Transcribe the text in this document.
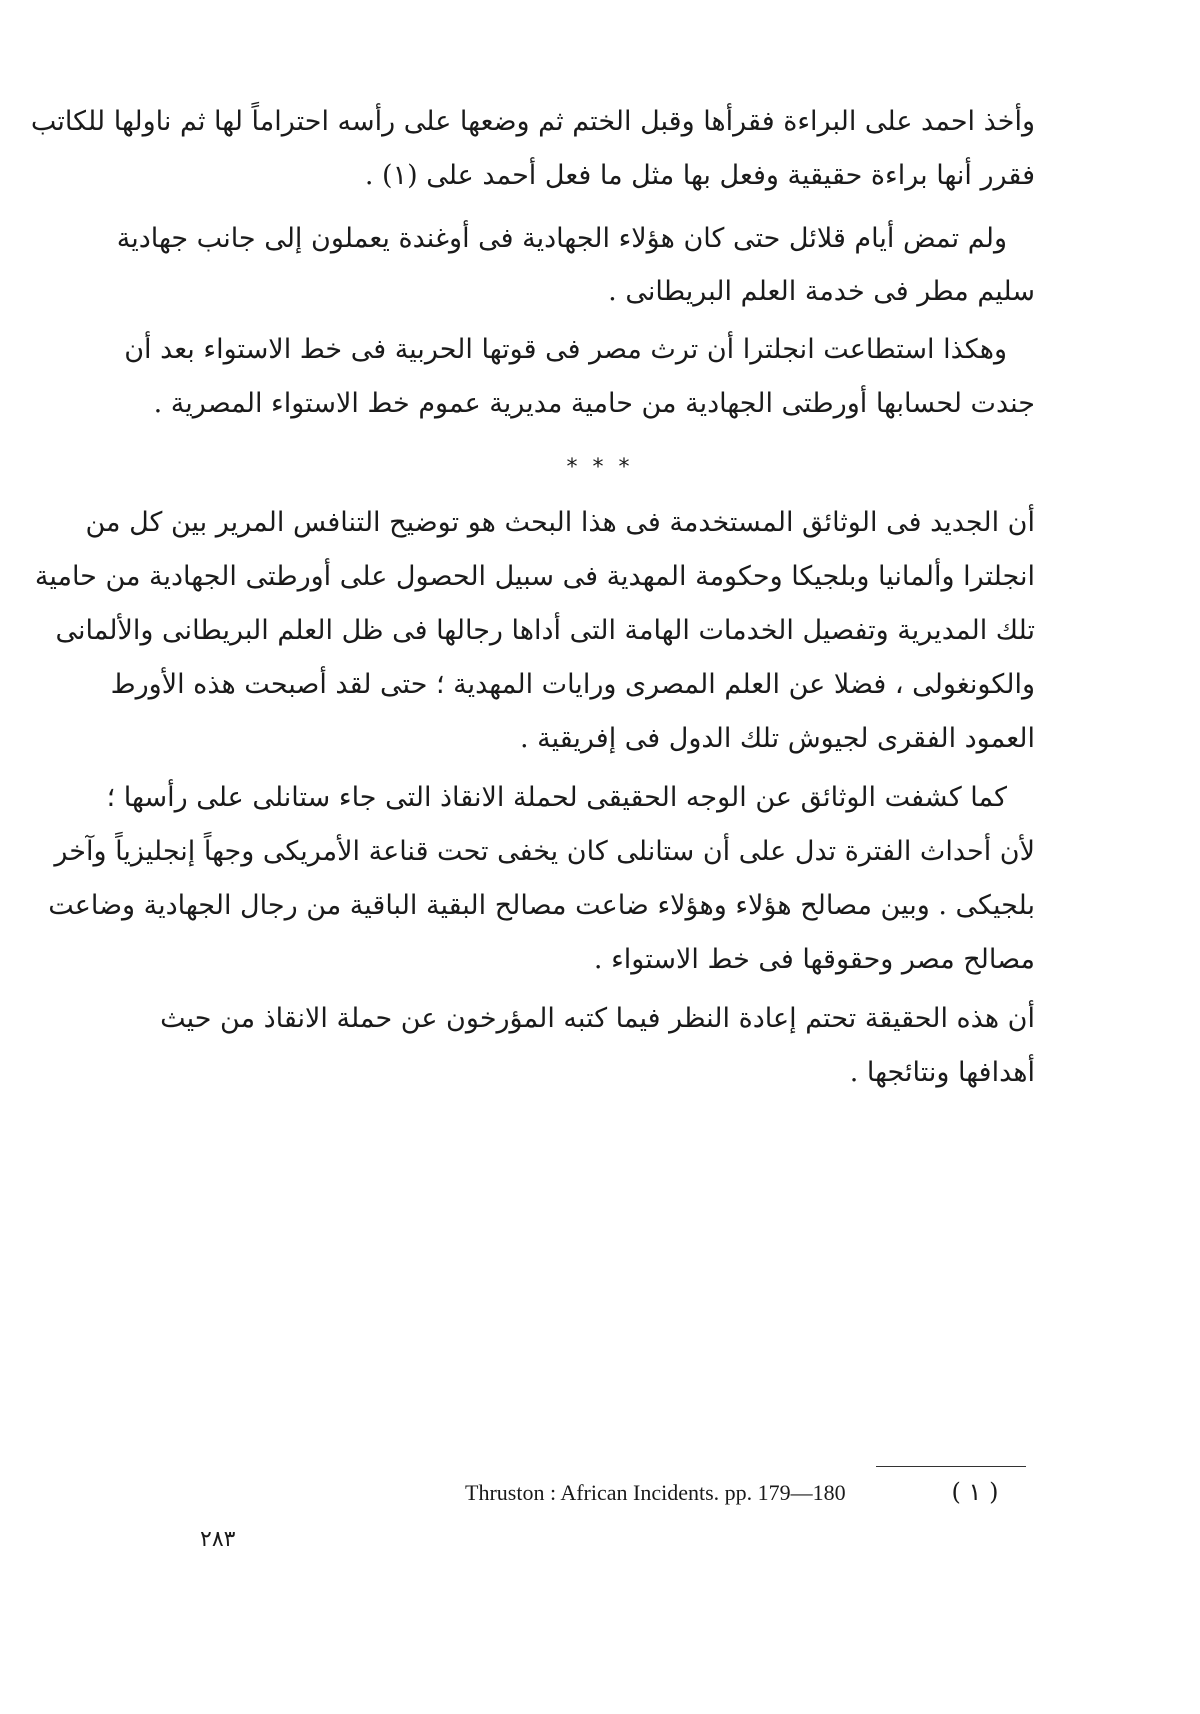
وأخذ احمد على البراءة فقرأها وقبل الختم ثم وضعها على رأسه احتراماً لها ثم ناولها للكاتب
فقرر أنها براءة حقيقية وفعل بها مثل ما فعل أحمد على (١) .
ولم تمض أيام قلائل حتى كان هؤلاء الجهادية فى أوغندة يعملون إلى جانب جهادية
سليم مطر فى خدمة العلم البريطانى .
وهكذا استطاعت انجلترا أن ترث مصر فى قوتها الحربية فى خط الاستواء بعد أن
جندت لحسابها أورطتى الجهادية من حامية مديرية عموم خط الاستواء المصرية .
* * *
أن الجديد فى الوثائق المستخدمة فى هذا البحث هو توضيح التنافس المرير بين كل من
انجلترا وألمانيا وبلجيكا وحكومة المهدية فى سبيل الحصول على أورطتى الجهادية من حامية
تلك المديرية وتفصيل الخدمات الهامة التى أداها رجالها فى ظل العلم البريطانى والألمانى
والكونغولى ، فضلا عن العلم المصرى ورايات المهدية ؛ حتى لقد أصبحت هذه الأورط
العمود الفقرى لجيوش تلك الدول فى إفريقية .
كما كشفت الوثائق عن الوجه الحقيقى لحملة الانقاذ التى جاء ستانلى على رأسها ؛
لأن أحداث الفترة تدل على أن ستانلى كان يخفى تحت قناعة الأمريكى وجهاً إنجليزياً وآخر
بلجيكى . وبين مصالح هؤلاء وهؤلاء ضاعت مصالح البقية الباقية من رجال الجهادية وضاعت
مصالح مصر وحقوقها فى خط الاستواء .
أن هذه الحقيقة تحتم إعادة النظر فيما كتبه المؤرخون عن حملة الانقاذ من حيث
أهدافها ونتائجها .
Thruston : African Incidents. pp. 179—180	( ١ )
٢٨٣
